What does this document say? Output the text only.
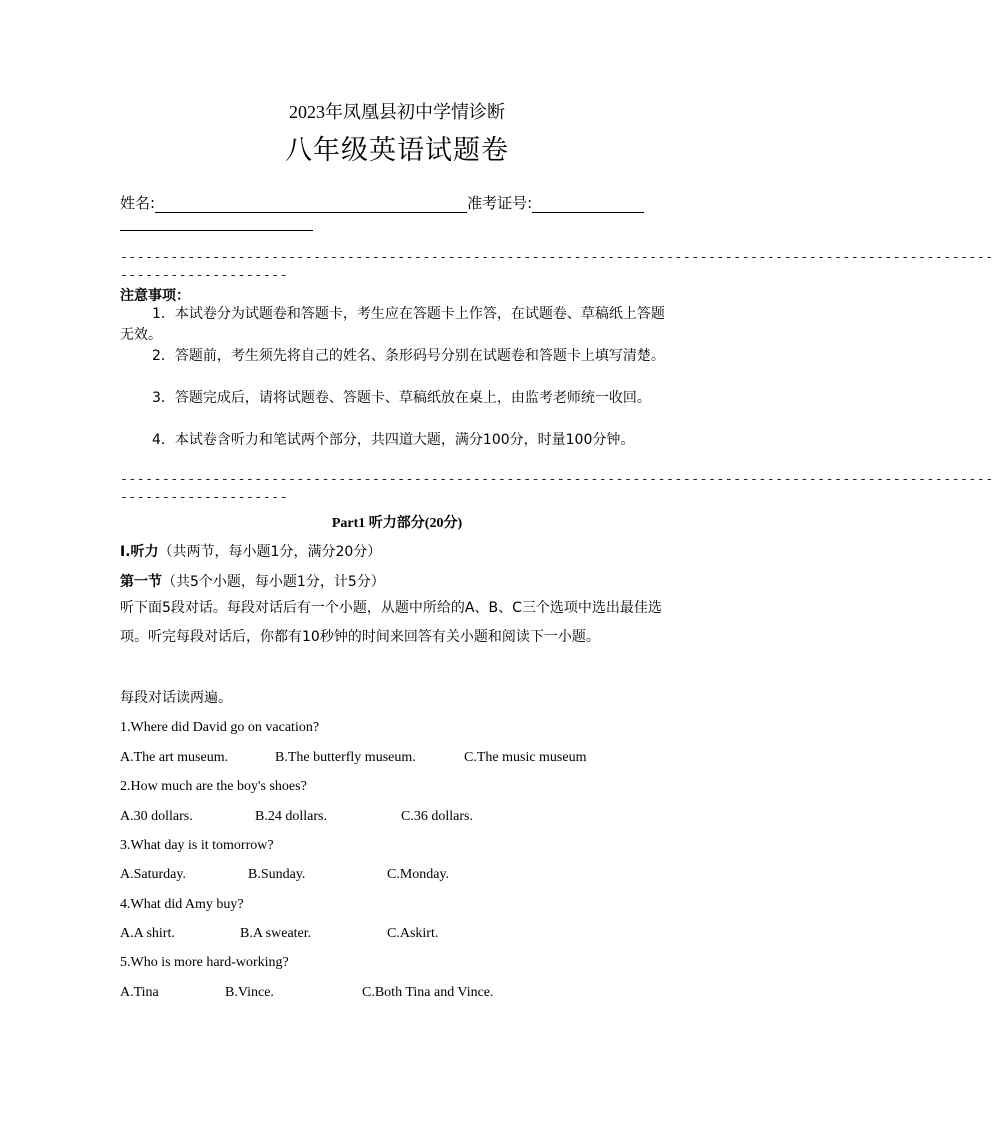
2023年凤凰县初中学情诊断
八年级英语试题卷
姓名:	准考证号:
--------------------------------------------------------------------------------------------------------
--------------------
注意事项：
1．本试卷分为试题卷和答题卡，考生应在答题卡上作答，在试题卷、草稿纸上答题无效。
2．答题前，考生须先将自己的姓名、条形码号分别在试题卷和答题卡上填写清楚。
3．答题完成后，请将试题卷、答题卡、草稿纸放在桌上，由监考老师统一收回。
4．本试卷含听力和笔试两个部分，共四道大题，满分100分，时量100分钟。
--------------------------------------------------------------------------------------------------------
--------------------
Part1 听力部分(20分)
I.听力（共两节，每小题1分，满分20分）
第一节（共5个小题，每小题1分，计5分）
听下面5段对话。每段对话后有一个小题，从题中所给的A、B、C三个选项中选出最佳选项。听完每段对话后，你都有10秒钟的时间来回答有关小题和阅读下一小题。
每段对话读两遍。
1.Where did David go on vacation?
A.The art museum.	B.The butterfly museum.	C.The music museum
2.How much are the boy's shoes?
A.30 dollars.	B.24 dollars.	C.36 dollars.
3.What day is it tomorrow?
A.Saturday.	B.Sunday.	C.Monday.
4.What did Amy buy?
A.A shirt.	B.A sweater.	C.Askirt.
5.Who is more hard-working?
A.Tina	B.Vince.	C.Both Tina and Vince.
